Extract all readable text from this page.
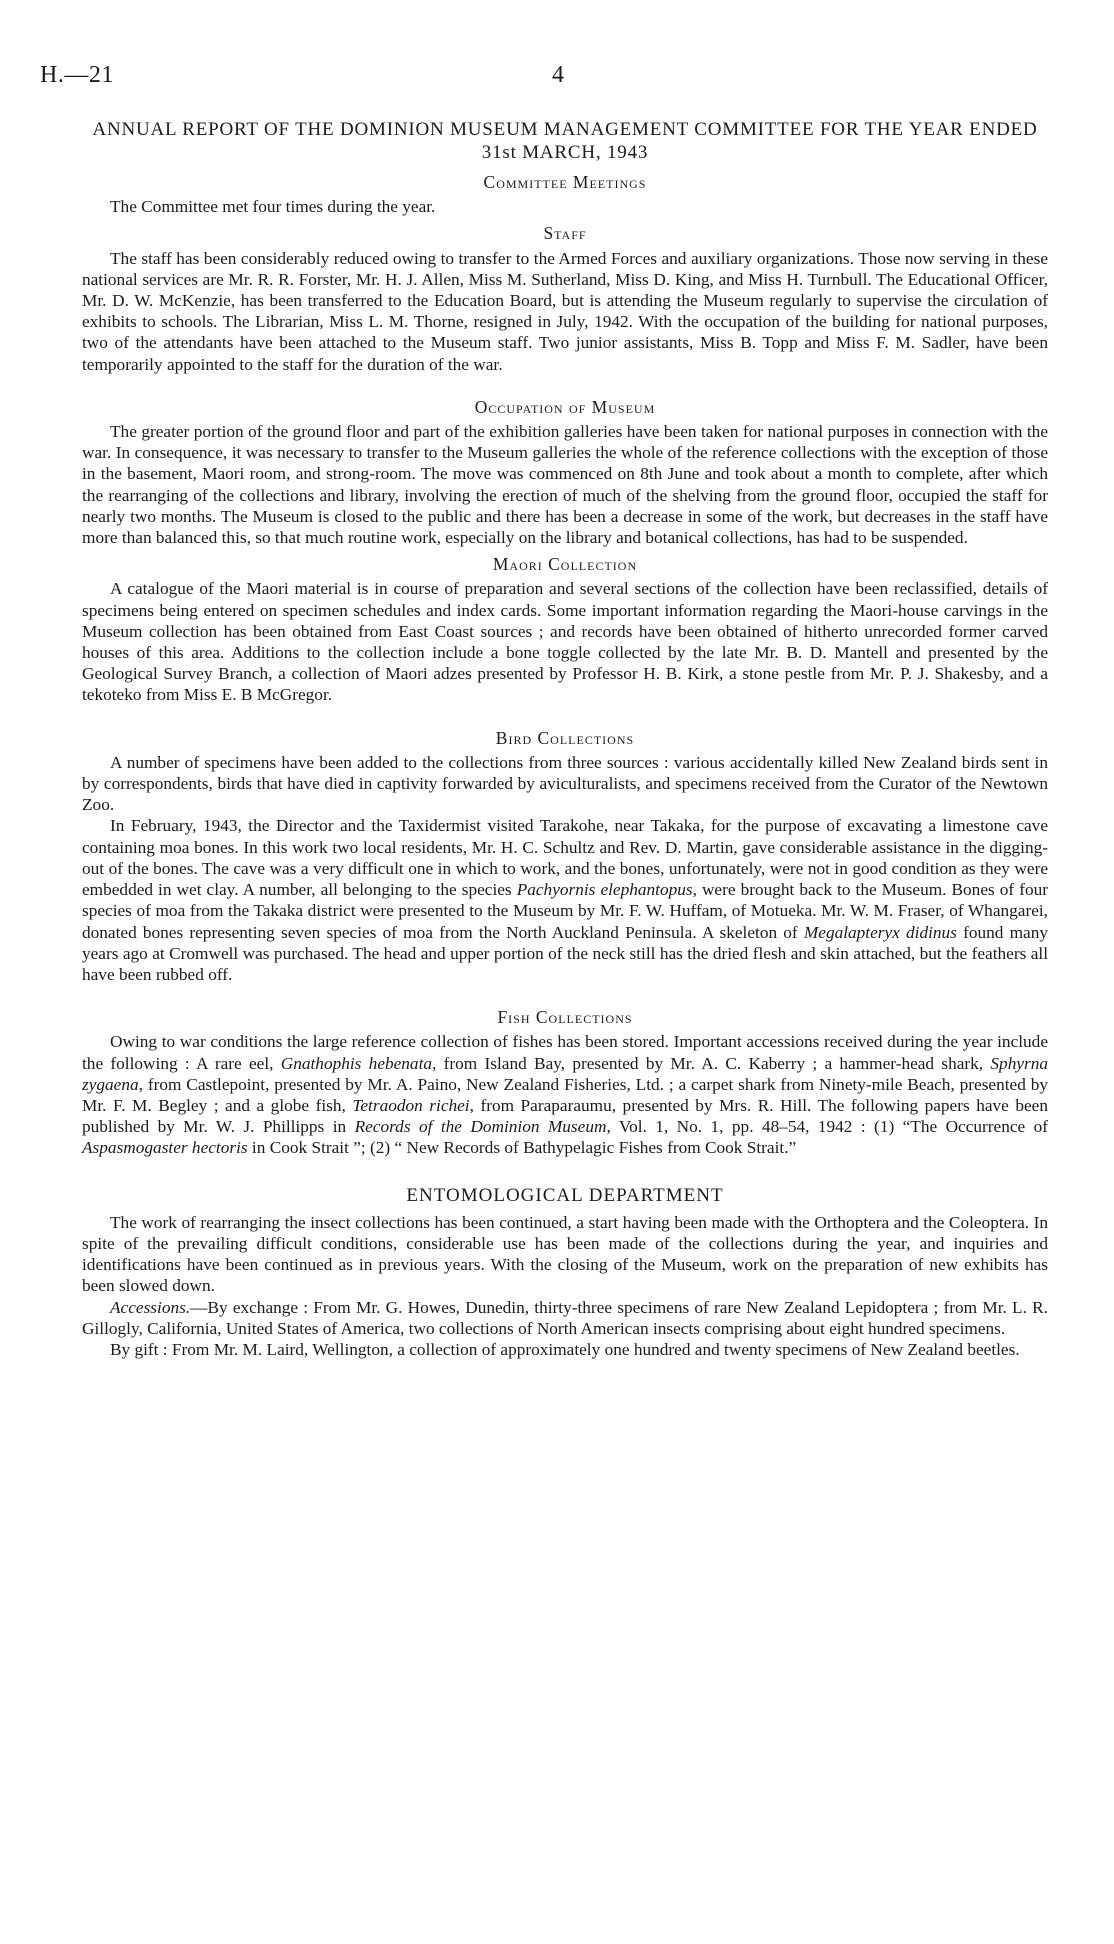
H.—21	4
ANNUAL REPORT OF THE DOMINION MUSEUM MANAGEMENT COMMITTEE FOR THE YEAR ENDED 31st MARCH, 1943
Committee Meetings

The Committee met four times during the year.

Staff

The staff has been considerably reduced owing to transfer to the Armed Forces and auxiliary organizations. Those now serving in these national services are Mr. R. R. Forster, Mr. H. J. Allen, Miss M. Sutherland, Miss D. King, and Miss H. Turnbull. The Educational Officer, Mr. D. W. McKenzie, has been transferred to the Education Board, but is attending the Museum regularly to supervise the circulation of exhibits to schools. The Librarian, Miss L. M. Thorne, resigned in July, 1942. With the occupation of the building for national purposes, two of the attendants have been attached to the Museum staff. Two junior assistants, Miss B. Topp and Miss F. M. Sadler, have been temporarily appointed to the staff for the duration of the war.

Occupation of Museum

The greater portion of the ground floor and part of the exhibition galleries have been taken for national purposes in connection with the war. In consequence, it was necessary to transfer to the Museum galleries the whole of the reference collections with the exception of those in the basement, Maori room, and strong-room. The move was commenced on 8th June and took about a month to complete, after which the rearranging of the collections and library, involving the erection of much of the shelving from the ground floor, occupied the staff for nearly two months. The Museum is closed to the public and there has been a decrease in some of the work, but decreases in the staff have more than balanced this, so that much routine work, especially on the library and botanical collections, has had to be suspended.

Maori Collection

A catalogue of the Maori material is in course of preparation and several sections of the collection have been reclassified, details of specimens being entered on specimen schedules and index cards. Some important information regarding the Maori-house carvings in the Museum collection has been obtained from East Coast sources ; and records have been obtained of hitherto unrecorded former carved houses of this area. Additions to the collection include a bone toggle collected by the late Mr. B. D. Mantell and presented by the Geological Survey Branch, a collection of Maori adzes presented by Professor H. B. Kirk, a stone pestle from Mr. P. J. Shakesby, and a tekoteko from Miss E. B McGregor.

Bird Collections

A number of specimens have been added to the collections from three sources : various accidentally killed New Zealand birds sent in by correspondents, birds that have died in captivity forwarded by aviculturalists, and specimens received from the Curator of the Newtown Zoo.

In February, 1943, the Director and the Taxidermist visited Tarakohe, near Takaka, for the purpose of excavating a limestone cave containing moa bones. In this work two local residents, Mr. H. C. Schultz and Rev. D. Martin, gave considerable assistance in the digging-out of the bones. The cave was a very difficult one in which to work, and the bones, unfortunately, were not in good condition as they were embedded in wet clay. A number, all belonging to the species Pachyornis elephantopus, were brought back to the Museum. Bones of four species of moa from the Takaka district were presented to the Museum by Mr. F. W. Huffam, of Motueka. Mr. W. M. Fraser, of Whangarei, donated bones representing seven species of moa from the North Auckland Peninsula. A skeleton of Megalapteryx didinus found many years ago at Cromwell was purchased. The head and upper portion of the neck still has the dried flesh and skin attached, but the feathers all have been rubbed off.

Fish Collections

Owing to war conditions the large reference collection of fishes has been stored. Important accessions received during the year include the following : A rare eel, Gnathophis hebenata, from Island Bay, presented by Mr. A. C. Kaberry ; a hammer-head shark, Sphyrna zygaena, from Castlepoint, presented by Mr. A. Paino, New Zealand Fisheries, Ltd. ; a carpet shark from Ninety-mile Beach, presented by Mr. F. M. Begley ; and a globe fish, Tetraodon richei, from Paraparaumu, presented by Mrs. R. Hill. The following papers have been published by Mr. W. J. Phillipps in Records of the Dominion Museum, Vol. 1, No. 1, pp. 48–54, 1942 : (1) “The Occurrence of Aspasmogaster hectoris in Cook Strait ”; (2) “ New Records of Bathypelagic Fishes from Cook Strait.”

ENTOMOLOGICAL DEPARTMENT

The work of rearranging the insect collections has been continued, a start having been made with the Orthoptera and the Coleoptera. In spite of the prevailing difficult conditions, considerable use has been made of the collections during the year, and inquiries and identifications have been continued as in previous years. With the closing of the Museum, work on the preparation of new exhibits has been slowed down.

Accessions.—By exchange : From Mr. G. Howes, Dunedin, thirty-three specimens of rare New Zealand Lepidoptera ; from Mr. L. R. Gillogly, California, United States of America, two collections of North American insects comprising about eight hundred specimens.

By gift : From Mr. M. Laird, Wellington, a collection of approximately one hundred and twenty specimens of New Zealand beetles.
